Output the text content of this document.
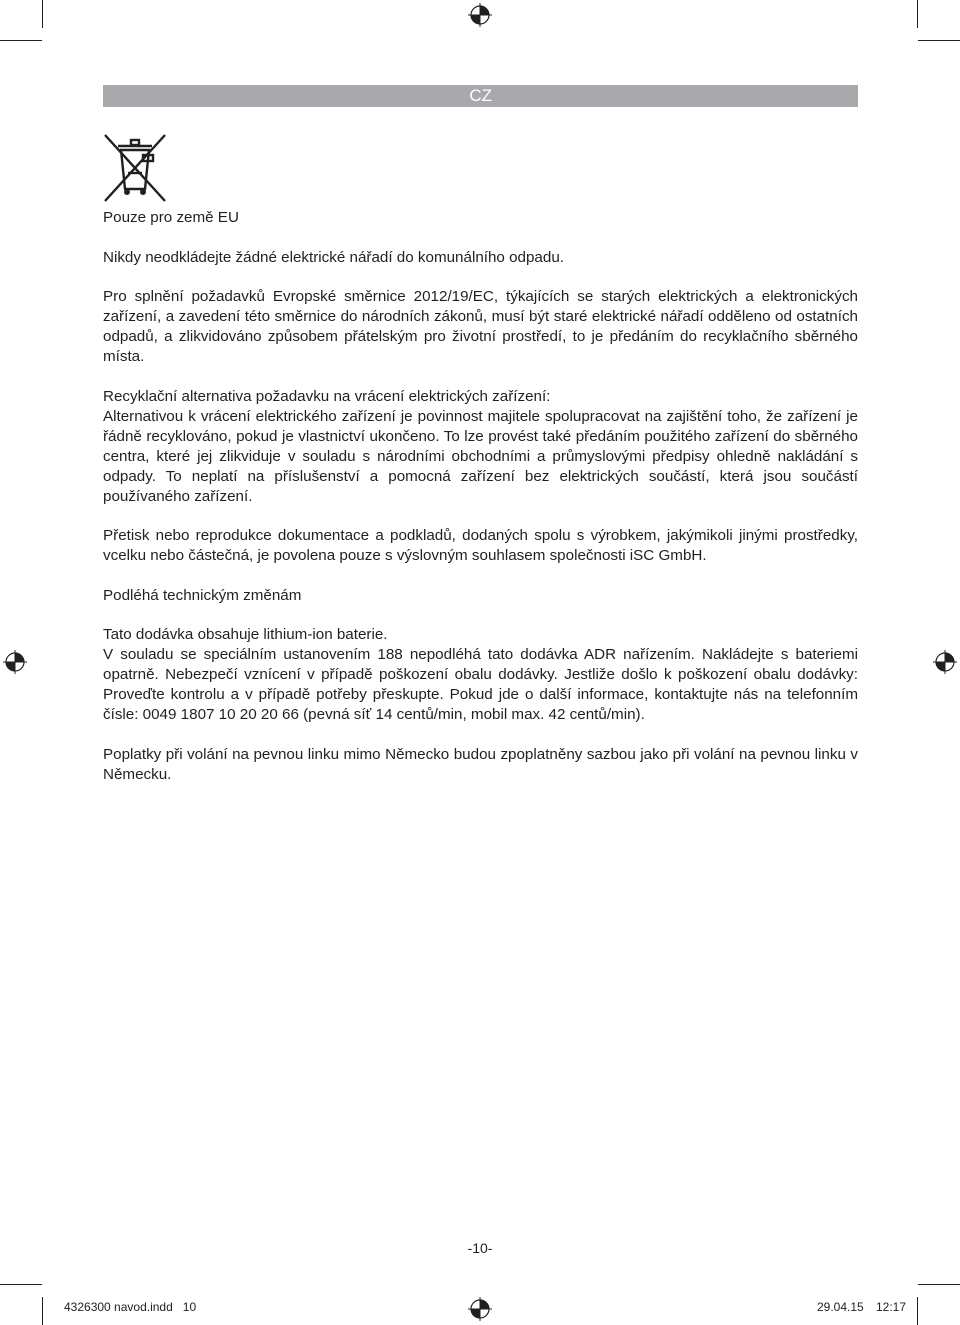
CZ

Pouze pro země EU

Nikdy neodkládejte žádné elektrické nářadí do komunálního odpadu.

Pro splnění požadavků Evropské směrnice 2012/19/EC, týkajících se starých elektrických a elektronických zařízení, a zavedení této směrnice do národních zákonů, musí být staré elektrické nářadí odděleno od ostatních odpadů, a zlikvidováno způsobem přátelským pro životní prostředí, to je předáním do recyklačního sběrného místa.

Recyklační alternativa požadavku na vrácení elektrických zařízení:
Alternativou k vrácení elektrického zařízení je povinnost majitele spolupracovat na zajištění toho, že zařízení je řádně recyklováno, pokud je vlastnictví ukončeno. To lze provést také předáním použitého zařízení do sběrného centra, které jej zlikviduje v souladu s národními obchodními a průmyslovými předpisy ohledně nakládání s odpady. To neplatí na příslušenství a pomocná zařízení bez elektrických součástí, která jsou součástí používaného zařízení.

Přetisk nebo reprodukce dokumentace a podkladů, dodaných spolu s výrobkem, jakýmikoli jinými prostředky, vcelku nebo částečná, je povolena pouze s výslovným souhlasem společnosti iSC GmbH.

Podléhá technickým změnám

Tato dodávka obsahuje lithium-ion baterie.
V souladu se speciálním ustanovením 188 nepodléhá tato dodávka ADR nařízením. Nakládejte s bateriemi opatrně. Nebezpečí vznícení v případě poškození obalu dodávky. Jestliže došlo k poškození obalu dodávky: Proveďte kontrolu a v případě potřeby přeskupte. Pokud jde o další informace, kontaktujte nás na telefonním čísle: 0049 1807 10 20 20 66 (pevná síť 14 centů/min, mobil max. 42 centů/min).

Poplatky při volání na pevnou linku mimo Německo budou zpoplatněny sazbou jako při volání na pevnou linku v Německu.

-10-
4326300 navod.indd   10	29.04.15 12:17
